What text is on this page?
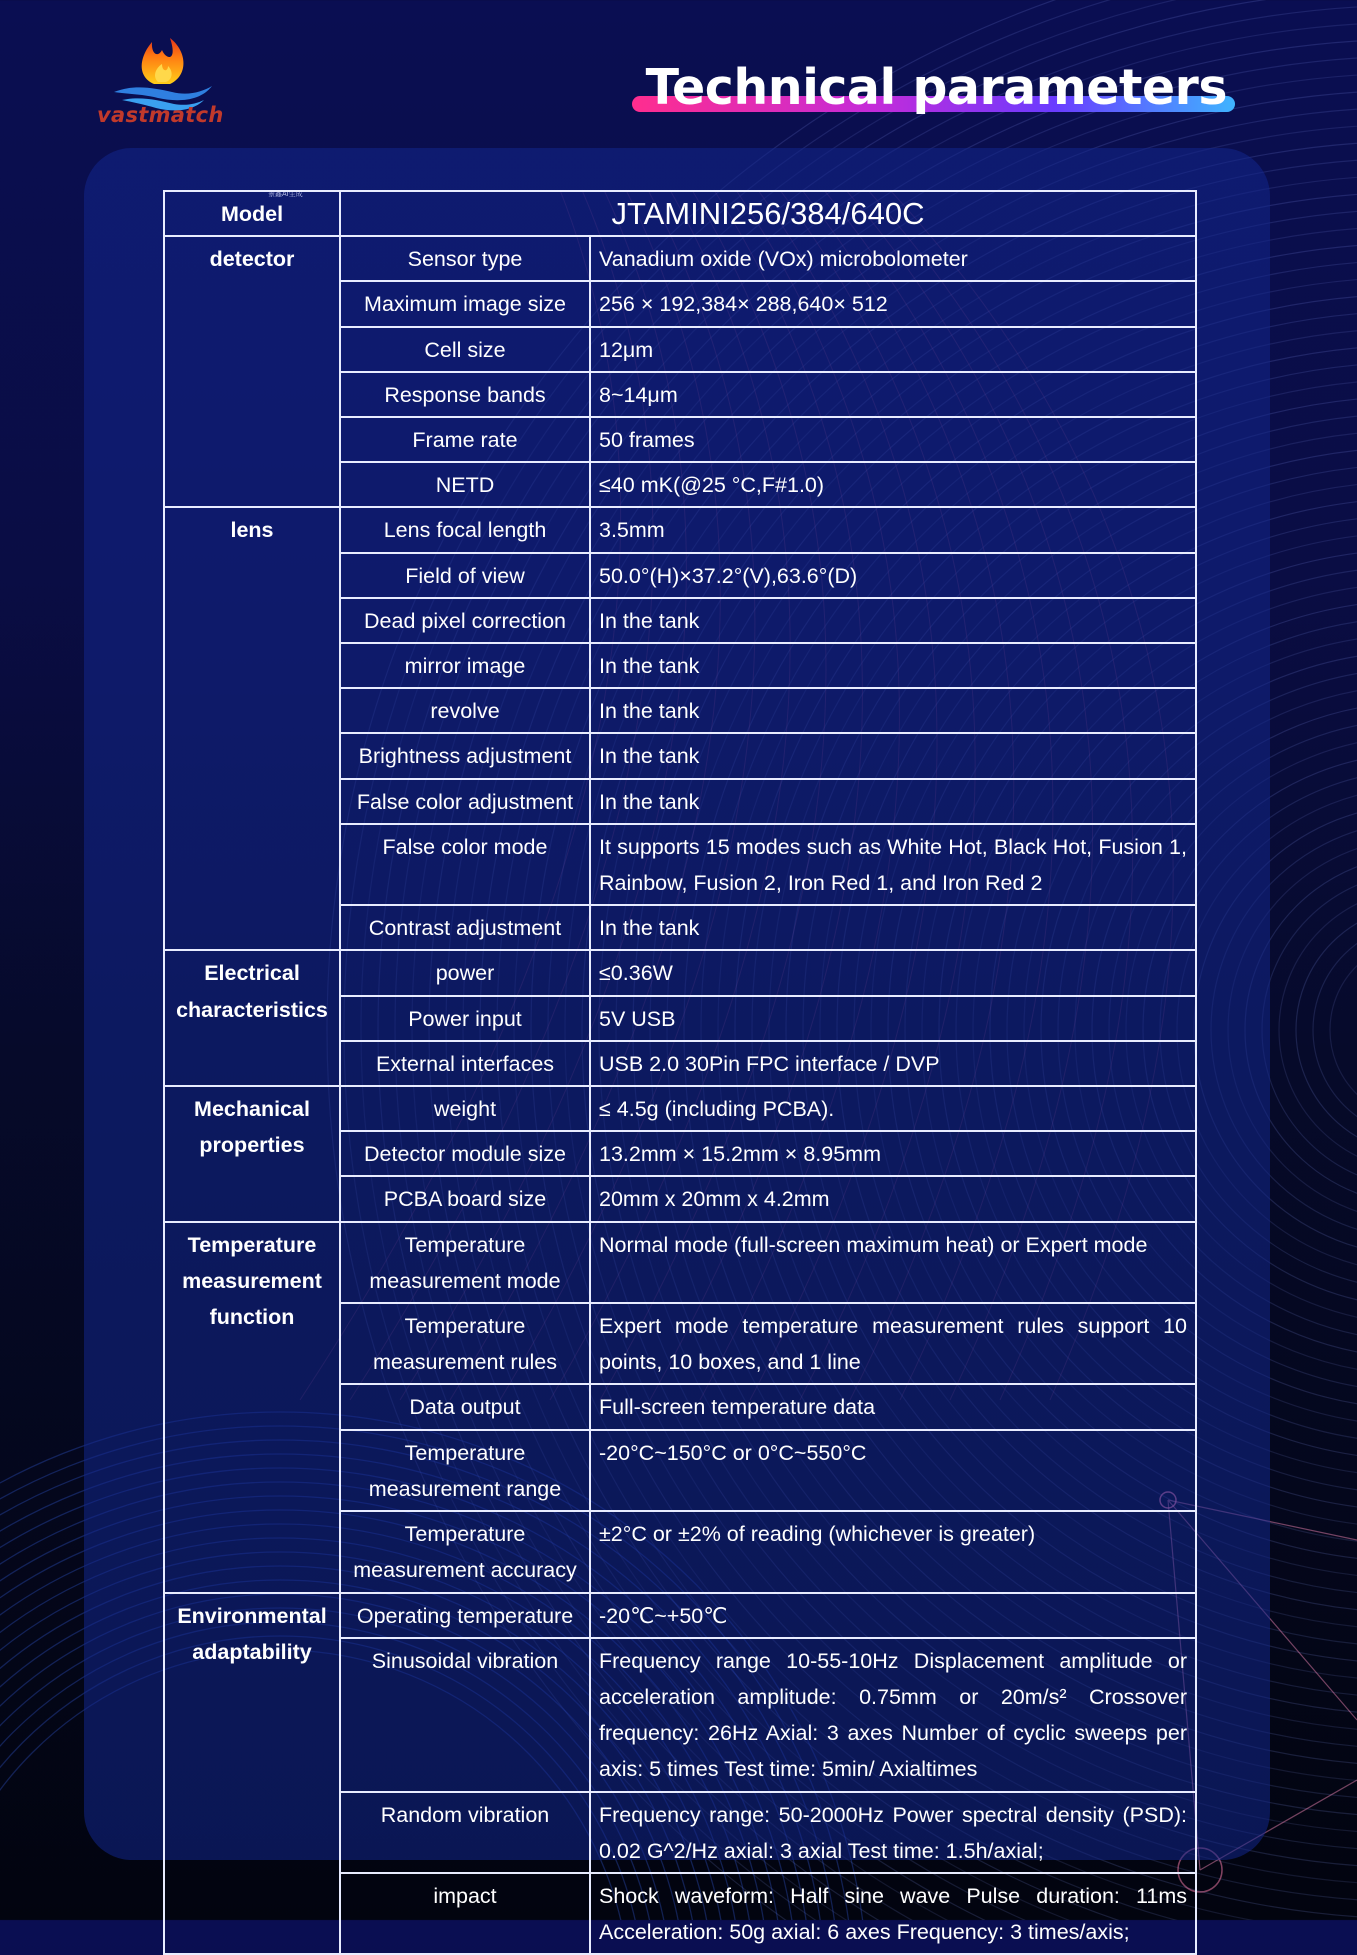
vastmatch	Technical parameters
景鑫AI生成
Model	JTAMINI256/384/640C	
detector	Sensor type	Vanadium oxide (VOx) microbolometer
	Maximum image size	256 × 192,384× 288,640× 512
	Cell size	12μm
	Response bands	8~14μm
	Frame rate	50 frames
	NETD	≤40 mK(@25 °C,F#1.0)
lens	Lens focal length	3.5mm
	Field of view	50.0°(H)×37.2°(V),63.6°(D)
	Dead pixel correction	In the tank
	mirror image	In the tank
	revolve	In the tank
	Brightness adjustment	In the tank
	False color adjustment	In the tank
	False color mode	It supports 15 modes such as White Hot, Black Hot, Fusion 1, Rainbow, Fusion 2, Iron Red 1, and Iron Red 2
	Contrast adjustment	In the tank
Electrical characteristics	power	≤0.36W
	Power input	5V USB
	External interfaces	USB 2.0 30Pin FPC interface / DVP
Mechanical properties	weight	≤ 4.5g (including PCBA).
	Detector module size	13.2mm × 15.2mm × 8.95mm
	PCBA board size	20mm x 20mm x 4.2mm
Temperature measurement function	Temperature measurement mode	Normal mode (full-screen maximum heat) or Expert mode
	Temperature measurement rules	Expert mode temperature measurement rules support 10 points, 10 boxes, and 1 line
	Data output	Full-screen temperature data
	Temperature measurement range	-20°C~150°C or 0°C~550°C
	Temperature measurement accuracy	±2°C or ±2% of reading (whichever is greater)
Environmental adaptability	Operating temperature	-20℃~+50℃
	Sinusoidal vibration	Frequency range 10-55-10Hz Displacement amplitude or acceleration amplitude: 0.75mm or 20m/s² Crossover frequency: 26Hz Axial: 3 axes Number of cyclic sweeps per axis: 5 times Test time: 5min/ Axialtimes
	Random vibration	Frequency range: 50-2000Hz Power spectral density (PSD): 0.02 G^2/Hz axial: 3 axial Test time: 1.5h/axial;
	impact	Shock waveform: Half sine wave Pulse duration: 11ms Acceleration: 50g axial: 6 axes Frequency: 3 times/axis;
